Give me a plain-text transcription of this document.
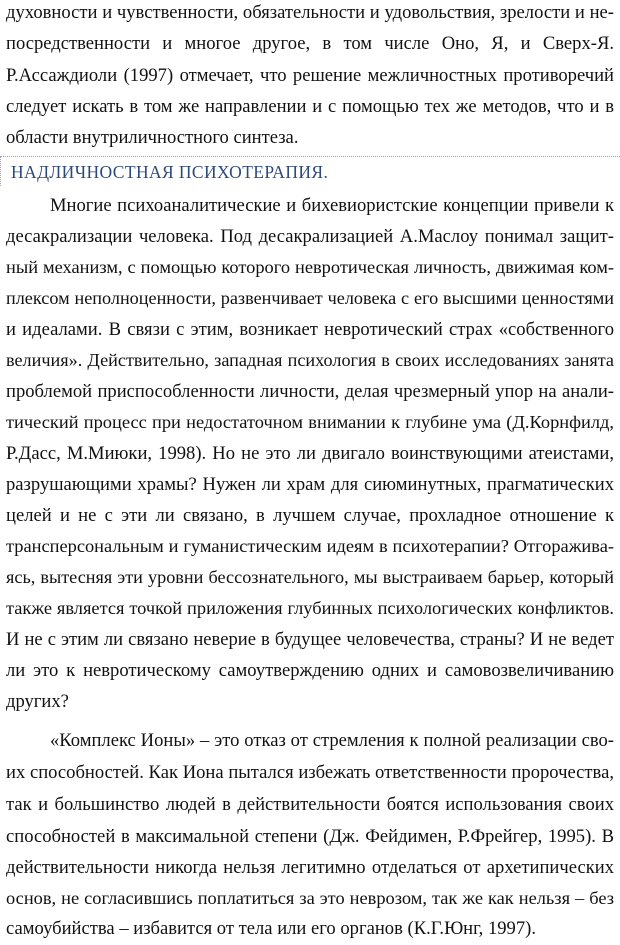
духовности и чувственности, обязательности и удовольствия, зрелости и не-
посредственности и многое другое, в том числе Оно, Я, и Сверх-Я.
Р.Ассаждиоли (1997) отмечает, что решение межличностных противоречий
следует искать в том же направлении и с помощью тех же методов, что и в
области внутриличностного синтеза.
НАДЛИЧНОСТНАЯ ПСИХОТЕРАПИЯ.
Многие психоаналитические и бихевиористские концепции привели к
десакрализации человека. Под десакрализацией А.Маслоу понимал защит-
ный механизм, с помощью которого невротическая личность, движимая ком-
плексом неполноценности, развенчивает человека с его высшими ценностями
и идеалами. В связи с этим, возникает невротический страх «собственного
величия». Действительно, западная психология в своих исследованиях занята
проблемой приспособленности личности, делая чрезмерный упор на анали-
тический процесс при недостаточном внимании к глубине ума (Д.Корнфилд,
Р.Дасс, М.Миюки, 1998). Но не это ли двигало воинствующими атеистами,
разрушающими храмы? Нужен ли храм для сиюминутных, прагматических
целей и не с эти ли связано, в лучшем случае, прохладное отношение к
трансперсональным и гуманистическим идеям в психотерапии? Отгоражива-
ясь, вытесняя эти уровни бессознательного, мы выстраиваем барьер, который
также является точкой приложения глубинных психологических конфликтов.
И не с этим ли связано неверие в будущее человечества, страны? И не ведет
ли это к невротическому самоутверждению одних и самовозвеличиванию
других?
«Комплекс Ионы» – это отказ от стремления к полной реализации сво-
их способностей. Как Иона пытался избежать ответственности пророчества,
так и большинство людей в действительности боятся использования своих
способностей в максимальной степени (Дж. Фейдимен, Р.Фрейгер, 1995). В
действительности никогда нельзя легитимно отделаться от архетипических
основ, не согласившись поплатиться за это неврозом, так же как нельзя – без
самоубийства – избавится от тела или его органов (К.Г.Юнг, 1997).
